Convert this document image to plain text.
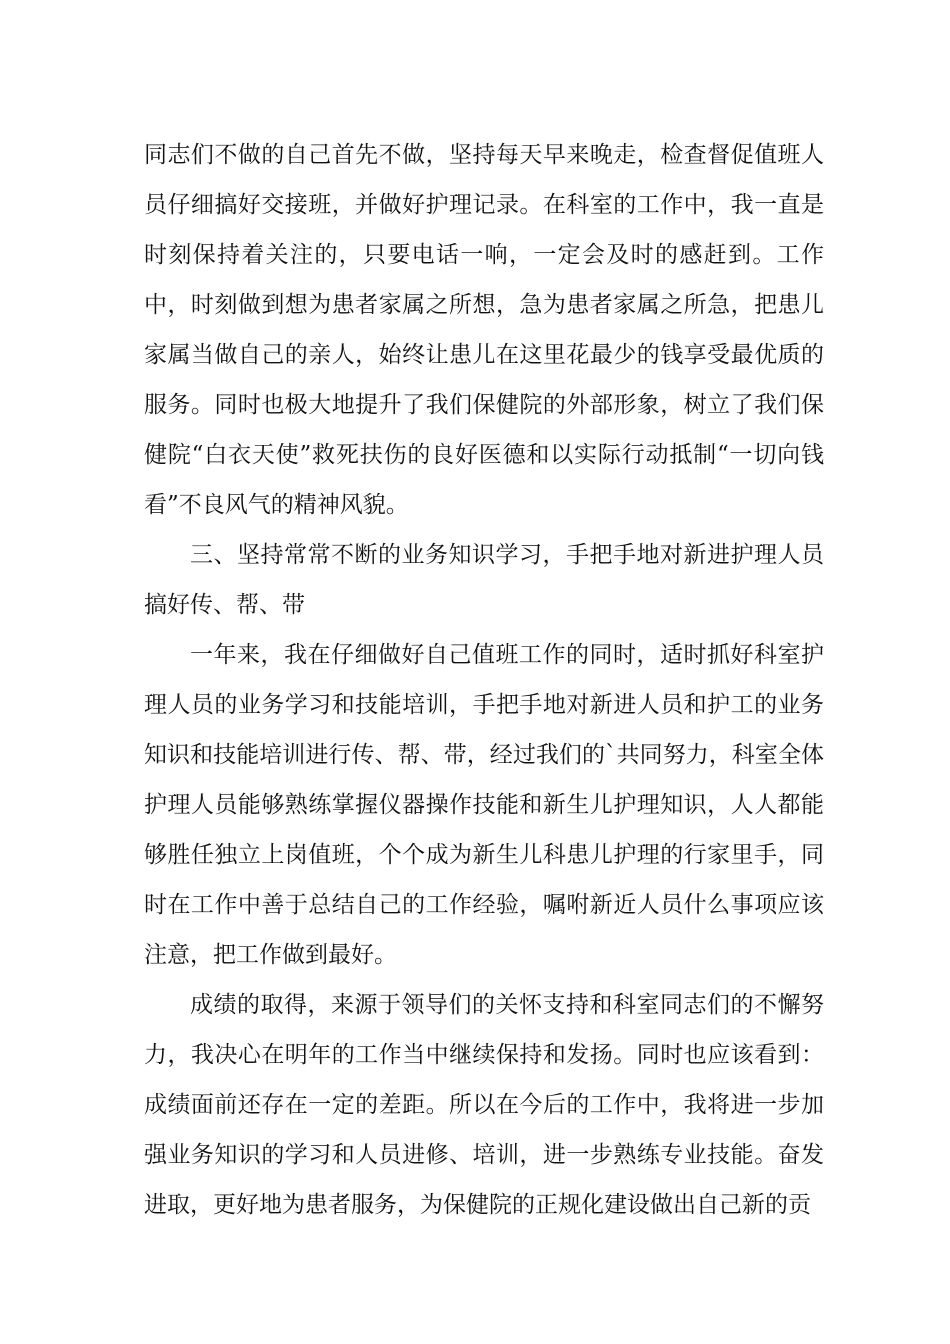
同志们不做的自己首先不做，坚持每天早来晚走，检查督促值班人员仔细搞好交接班，并做好护理记录。在科室的工作中，我一直是时刻保持着关注的，只要电话一响，一定会及时的感赶到。工作中，时刻做到想为患者家属之所想，急为患者家属之所急，把患儿家属当做自己的亲人，始终让患儿在这里花最少的钱享受最优质的服务。同时也极大地提升了我们保健院的外部形象，树立了我们保健院“白衣天使”救死扶伤的良好医德和以实际行动抵制“一切向钱看”不良风气的精神风貌。

三、坚持常常不断的业务知识学习，手把手地对新进护理人员搞好传、帮、带

一年来，我在仔细做好自己值班工作的同时，适时抓好科室护理人员的业务学习和技能培训，手把手地对新进人员和护工的业务知识和技能培训进行传、帮、带，经过我们的`共同努力，科室全体护理人员能够熟练掌握仪器操作技能和新生儿护理知识，人人都能够胜任独立上岗值班，个个成为新生儿科患儿护理的行家里手，同时在工作中善于总结自己的工作经验，嘱咐新近人员什么事项应该注意，把工作做到最好。

成绩的取得，来源于领导们的关怀支持和科室同志们的不懈努力，我决心在明年的工作当中继续保持和发扬。同时也应该看到：成绩面前还存在一定的差距。所以在今后的工作中，我将进一步加强业务知识的学习和人员进修、培训，进一步熟练专业技能。奋发进取，更好地为患者服务，为保健院的正规化建设做出自己新的贡
